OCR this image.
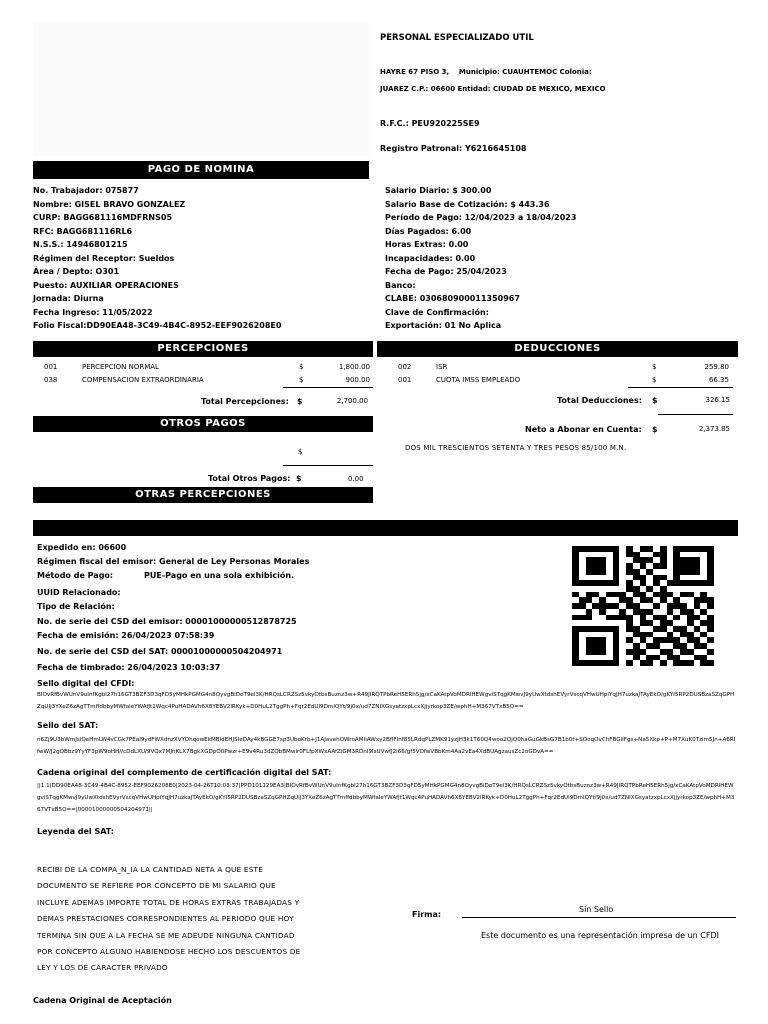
PERSONAL ESPECIALIZADO UTIL
HAYRE 67 PISO 3,    Municipio: CUAUHTEMOC Colonia:
JUAREZ C.P.: 06600 Entidad: CIUDAD DE MEXICO, MEXICO
R.F.C.: PEU920225SE9
Registro Patronal: Y6216645108
PAGO DE NOMINA
No. Trabajador: 075877
Nombre: GISEL BRAVO GONZALEZ
CURP: BAGG681116MDFRNS05
RFC: BAGG681116RL6
N.S.S.: 14946801215
Régimen del Receptor: Sueldos
Área / Depto: O301
Puesto: AUXILIAR OPERACIONES
Jornada: Diurna
Fecha Ingreso: 11/05/2022
Folio Fiscal:DD90EA48-3C49-4B4C-8952-EEF9026208E0
Salario Diario: $ 300.00
Salario Base de Cotización: $ 443.36
Período de Pago: 12/04/2023 a 18/04/2023
Días Pagados: 6.00
Horas Extras: 0.00
Incapacidades: 0.00
Fecha de Pago: 25/04/2023
Banco:
CLABE: 030680900011350967
Clave de Confirmación:
Exportación: 01 No Aplica
PERCEPCIONES	DEDUCCIONES
001	PERCEPCION NORMAL	$	1,800.00
038	COMPENSACION EXTRAORDINARIA	$	900.00
002	ISR	$	259.80
001	CUOTA IMSS EMPLEADO	$	66.35
Total Percepciones: $	2,700.00	Total Deducciones: $	326.15
OTROS PAGOS
Neto a Abonar en Cuenta: $	2,373.85
DOS MIL TRESCIENTOS SETENTA Y TRES PESOS 85/100 M.N.
$
Total Otros Pagos: $	0.00
OTRAS PERCEPCIONES
Expedido en: 06600
Régimen fiscal del emisor: General de Ley Personas Morales
Método de Pago:	PUE-Pago en una sola exhibición.
UUID Relacionado:
Tipo de Relación:
No. de serie del CSD del emisor: 00001000000512878725
Fecha de emisión: 26/04/2023 07:58:39
No. de serie del CSD del SAT: 00001000000504204971
Fecha de timbrado: 26/04/2023 10:03:37
Sello digital del CFDI:
BIOvRfBvWUnV9uInfKgbl27h16GT3BZF3D3qFD5yMHkPGMG4n8OyvgBiDoT9el3K/HRQsLCRZSz5vkyOtbsBuznz3w+R49JIRQTPbReH5ERh5jg/xCaKAtpVoMDRlHEWgviSTqgKMwvJ9yUwXtdshEVyrVscqVHwUHpiYqJH7uzkaJTAyEkO/gKYI5RP2DUSBzaSZqGPHZqUIj3YXeZ6zAgTTmffdbbyMWfaleYWAfJt1Wqc4PuHADAVh6X8YEBV2lRKyk+D0HuL2TggPh+Fqr2EdUl9DmIQYt/9j0x/ud7ZNIXGsyatzxpLcxXjjyrkop3ZE/wphH+M367VTxB5Q==
Sello del SAT:
n6Zj9U3bWmJsiQeHmLW4vCGk7PEaI9ydFWXdnzXVYOhqowEkMBldEHJSleDAy4kBGGE7sp3UboKrb+J1AJavehOWroAMIiAWxy2BflFInf85LRdqPLZMK91yzJH3k1T60Q4woo2QjQ0haGuGkBsG7B1b0t+SOoqOvChFBGiIFgs+Na5Xkp+P+M7XuK0Tzim5Jn+A6RIfwW/J2gQBbz9YyYF3pW9oHH//cDdLXU/9VOx7MJnKLX7BgkXGDpO0Pwzr+E9v4Ru3dZQbBMwir0FLfpXWxAAfZiGM3RDnI9lsUVwfJ2i66/gf5VOfwVBbKm4Aa2vEa4XdBUAgzausZc2oGDvA==
Cadena original del complemento de certificación digital del SAT:
||1.1|DD90EA48-3C49-4B4C-8952-EEF9026208E0|2023-04-26T10:03:37|PPD101129EA3|BIOvRfBvWUnV9uInfKgbl27h16GT3BZF3D3qFD5yMHkPGMG4n8OyvgBiDoT9el3K/HRQsLCRZSz5vkyOtbsBuznz3w+R49JIRQTPbReH5ERh5jg/xCaKAtpVoMDRlHEWgviSTqgKMwvJ9yUwXtdshEVyrVscqVHwUHpiYqJH7uzkaJTAyEkO/gKYI5RP2DUSBzaSZqGPHZqUIj3YXeZ6zAgTTmffdbbyMWfaleYWAfJt1Wqc4PuHADAVh6X8YEBV2lRKyk+D0HuL2TggPh+Fqr2EdUl9DmIQYt/9j0x/ud7ZNIXGsyatzxpLcxXjjyrkop3ZE/wphH+M367VTxB5Q==|00001000000504204971||
Leyenda del SAT:
RECIBI DE LA COMPA_N_IA LA CANTIDAD NETA A QUE ESTE
DOCUMENTO SE REFIERE POR CONCEPTO DE MI SALARIO QUE
INCLUYE ADEMAS IMPORTE TOTAL DE HORAS EXTRAS TRABAJADAS Y
DEMAS PRESTACIONES CORRESPONDIENTES AL PERIODO QUE HOY
TERMINA SIN QUE A LA FECHA SE ME ADEUDE NINGUNA CANTIDAD
POR CONCEPTO ALGUNO HABIENDOSE HECHO LOS DESCUENTOS DE
LEY Y LOS DE CARACTER PRIVADO
Firma:
Sin Sello
Este documento es una representación impresa de un CFDI
Cadena Original de Aceptación
